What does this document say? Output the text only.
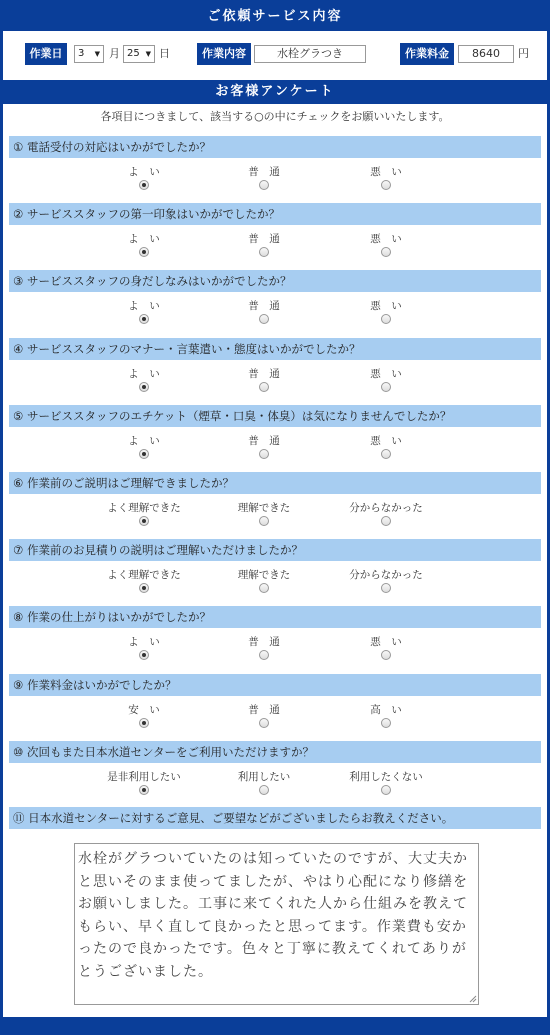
ご依頼サービス内容
作業日	3 ▼ 月 25 ▼ 日	作業内容	水栓グラつき	作業料金	8640	円
お客様アンケート
各項目につきまして、該当する○の中にチェックをお願いいたします。
① 電話受付の対応はいかがでしたか？
よ　い	普　通	悪　い
② サービススタッフの第一印象はいかがでしたか？
よ　い	普　通	悪　い
③ サービススタッフの身だしなみはいかがでしたか？
よ　い	普　通	悪　い
④ サービススタッフのマナー・言葉遣い・態度はいかがでしたか？
よ　い	普　通	悪　い
⑤ サービススタッフのエチケット（煙草・口臭・体臭）は気になりませんでしたか？
よ　い	普　通	悪　い
⑥ 作業前のご説明はご理解できましたか？
よく理解できた	理解できた	分からなかった
⑦ 作業前のお見積りの説明はご理解いただけましたか？
よく理解できた	理解できた	分からなかった
⑧ 作業の仕上がりはいかがでしたか？
よ　い	普　通	悪　い
⑨ 作業料金はいかがでしたか？
安　い	普　通	高　い
⑩ 次回もまた日本水道センターをご利用いただけますか？
是非利用したい	利用したい	利用したくない
⑪ 日本水道センターに対するご意見、ご要望などがございましたらお教えください。
水栓がグラついていたのは知っていたのですが、大丈夫かと思いそのまま使ってましたが、やはり心配になり修繕をお願いしました。工事に来てくれた人から仕組みを教えてもらい、早く直して良かったと思ってます。作業費も安かったので良かったです。色々と丁寧に教えてくれてありがとうございました。
